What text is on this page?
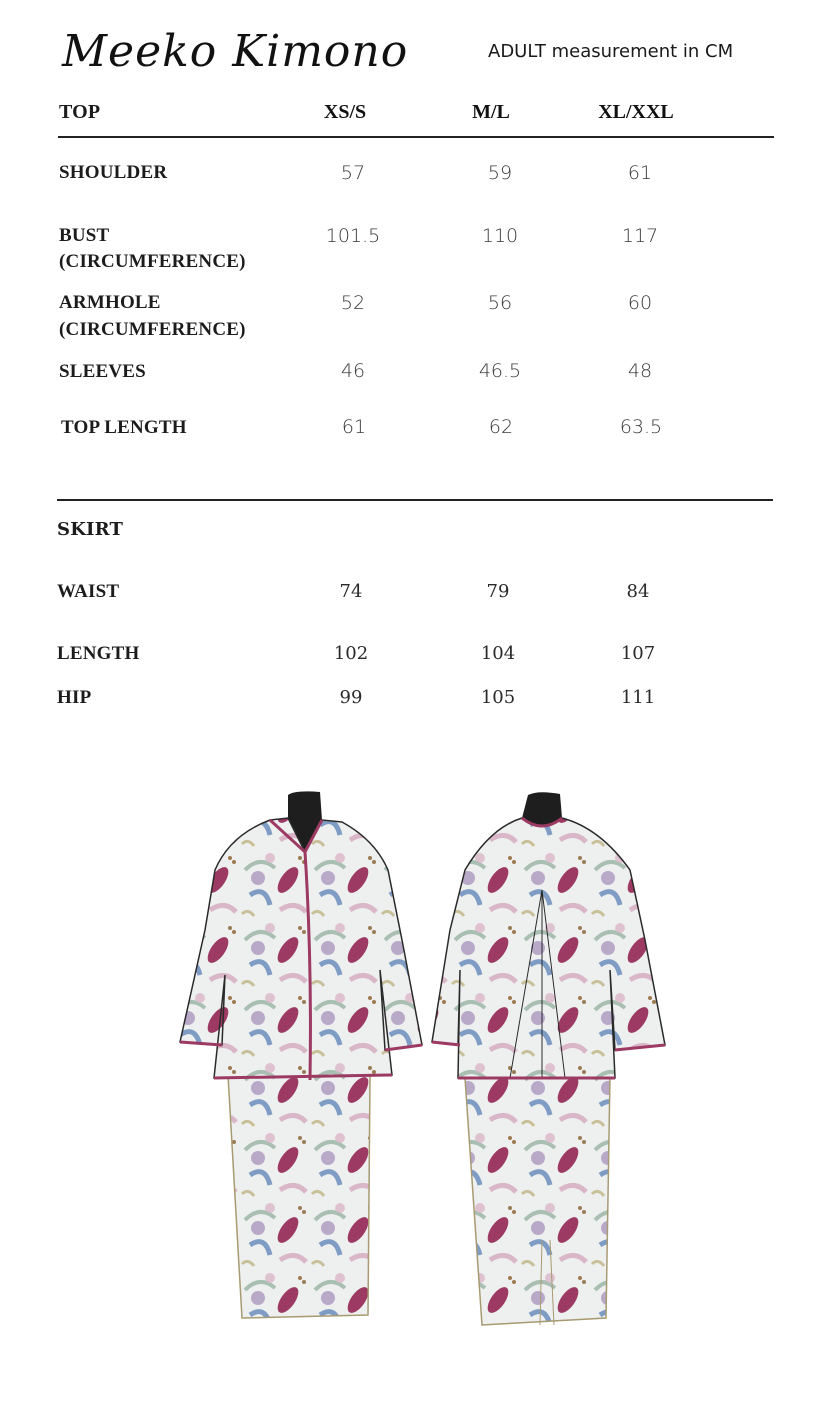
Meeko Kimono	ADULT measurement in CM
TOP	XS/S	M/L	XL/XXL
SHOULDER	57	59	61
BUST
(CIRCUMFERENCE)
101.5	110	117
ARMHOLE
(CIRCUMFERENCE)
52	56	60
SLEEVES	46	46.5	48
TOP LENGTH	61	62	63.5
SKIRT
WAIST	74	79	84
LENGTH	102	104	107
HIP	99	105	111
